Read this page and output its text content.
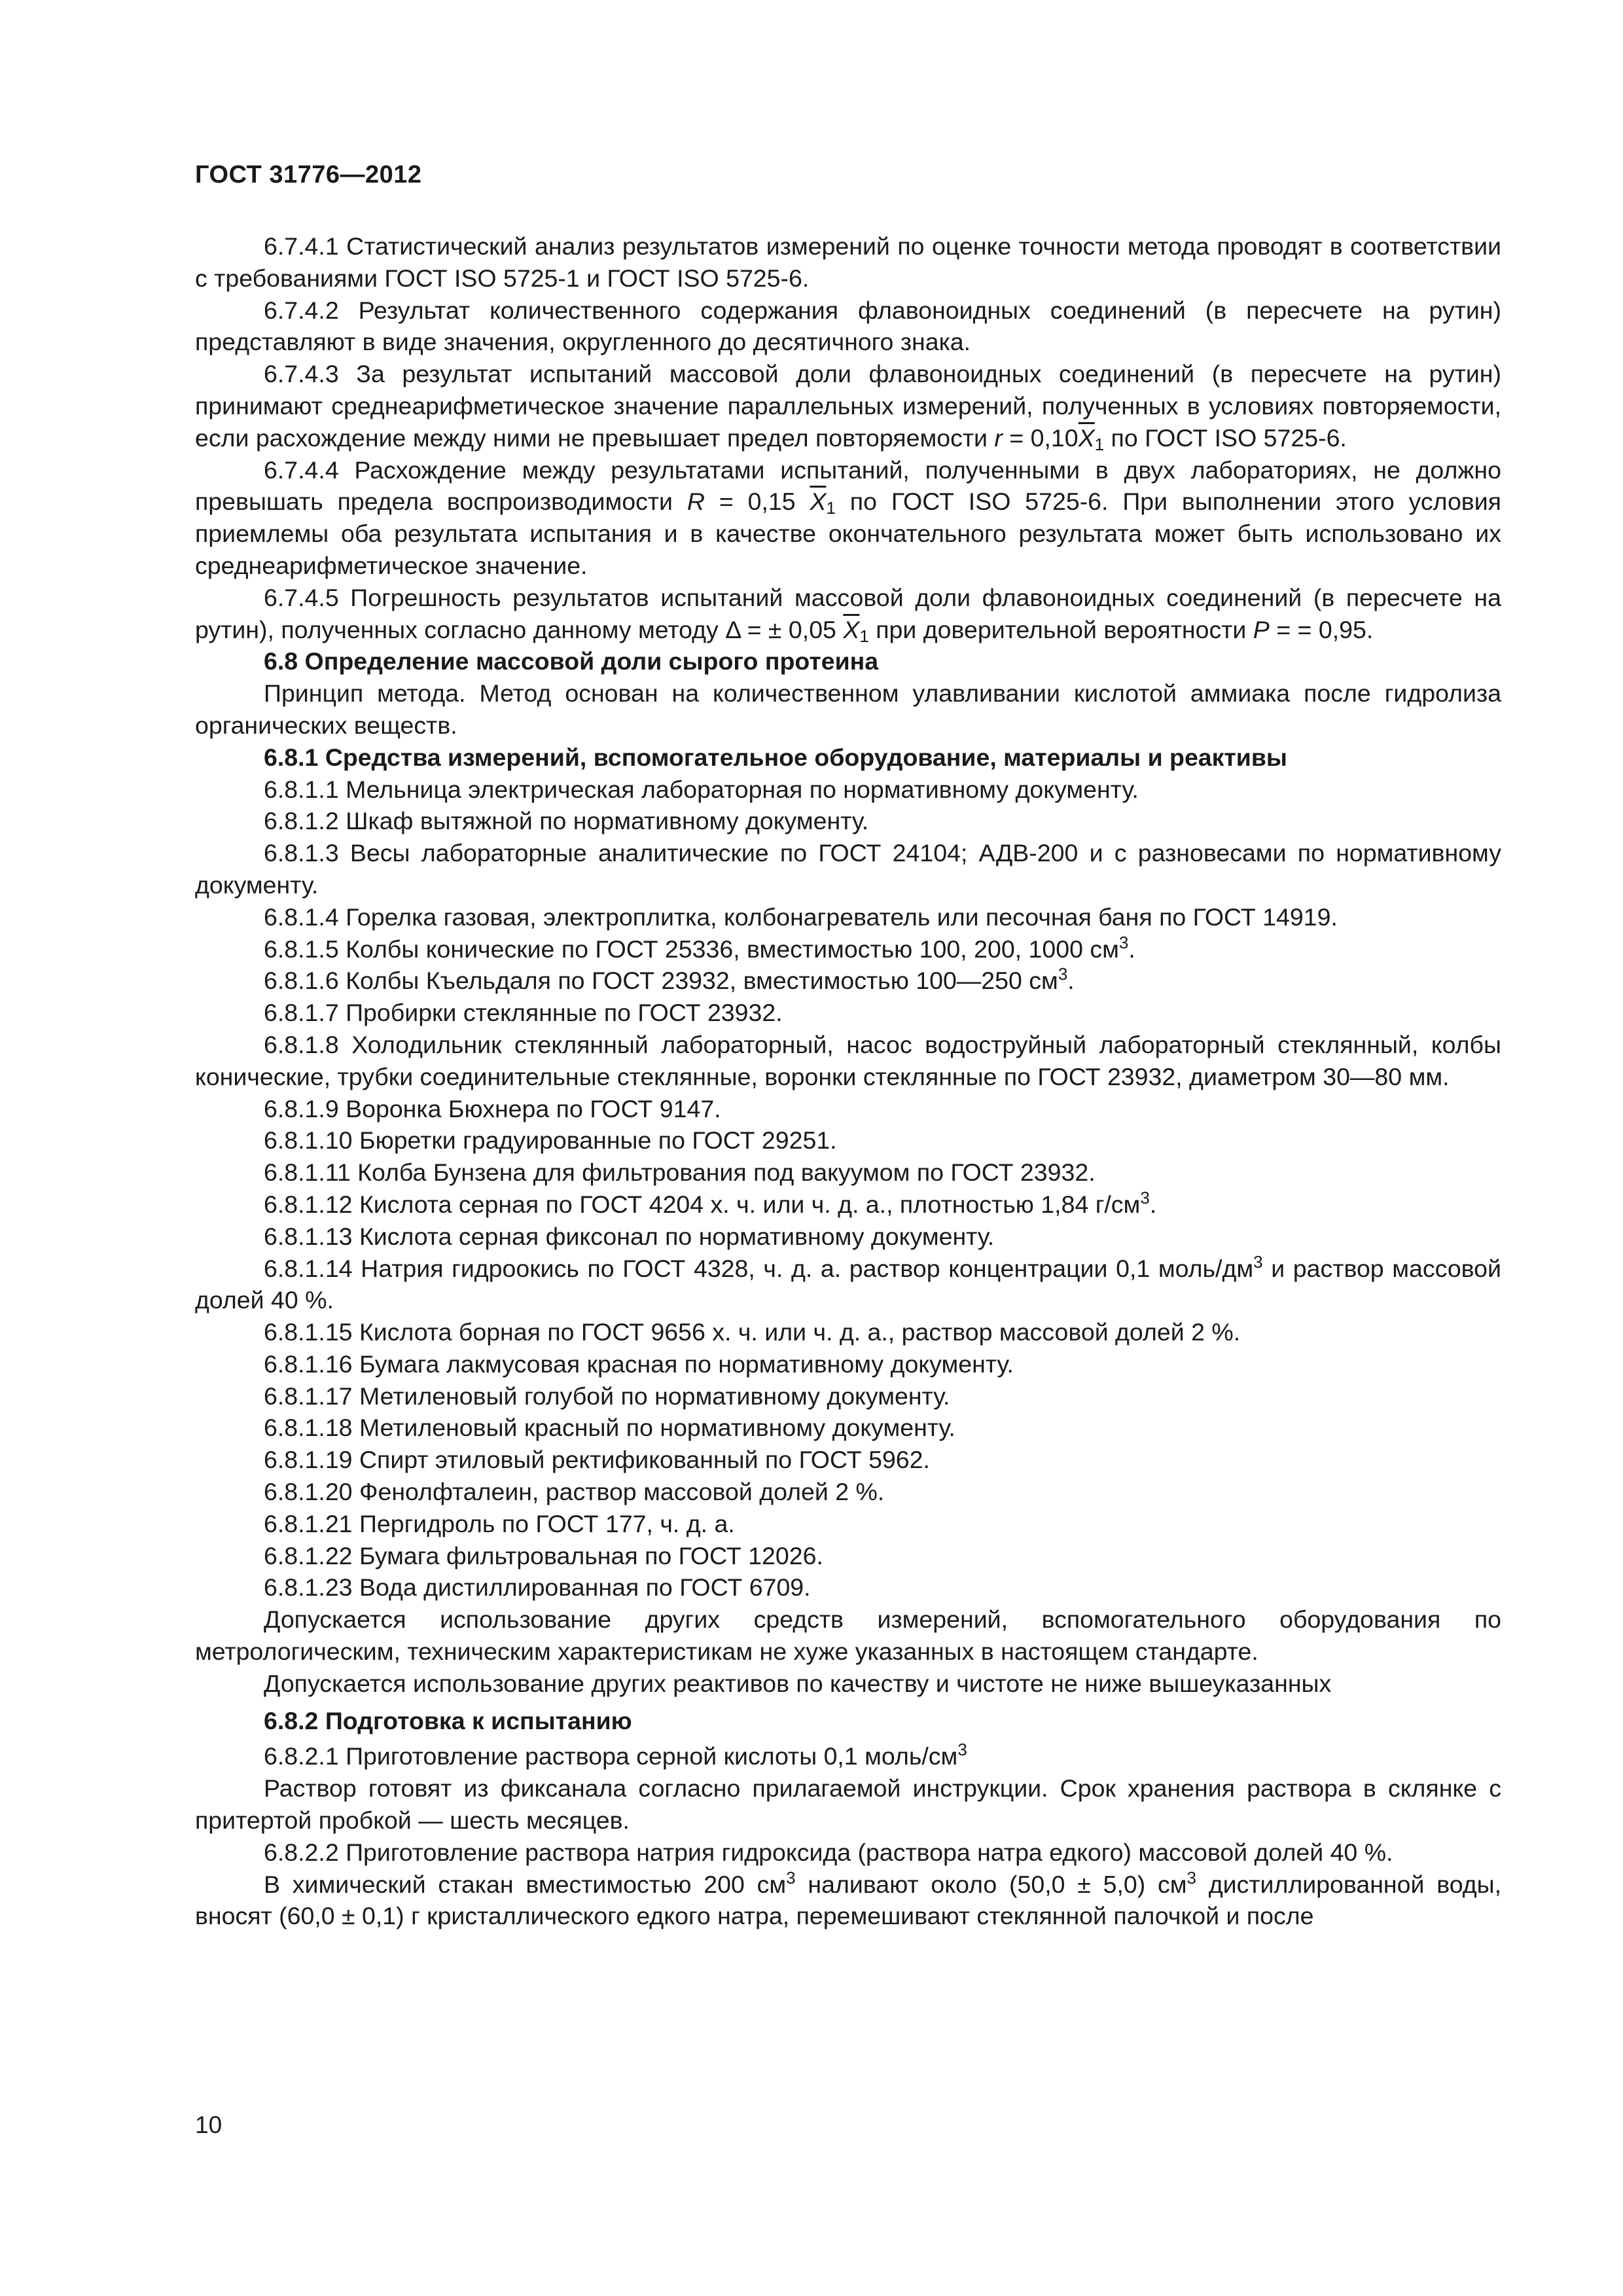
ГОСТ 31776—2012

6.7.4.1 Статистический анализ результатов измерений по оценке точности метода проводят в соответствии с требованиями ГОСТ ISO 5725-1 и ГОСТ ISO 5725-6.

6.7.4.2 Результат количественного содержания флавоноидных соединений (в пересчете на рутин) представляют в виде значения, округленного до десятичного знака.

6.7.4.3 За результат испытаний массовой доли флавоноидных соединений (в пересчете на рутин) принимают среднеарифметическое значение параллельных измерений, полученных в условиях повторяемости, если расхождение между ними не превышает предел повторяемости $r = 0,10\overline{X}_1$ по ГОСТ ISO 5725-6.

6.7.4.4 Расхождение между результатами испытаний, полученными в двух лабораториях, не должно превышать предела воспроизводимости R = 0,15 $\overline{X}_1$ по ГОСТ ISO 5725-6. При выполнении этого условия приемлемы оба результата испытания и в качестве окончательного результата может быть использовано их среднеарифметическое значение.

6.7.4.5 Погрешность результатов испытаний массовой доли флавоноидных соединений (в пересчете на рутин), полученных согласно данному методу Δ = ± 0,05 $\overline{X}_1$ при доверительной вероятности P = = 0,95.

6.8 Определение массовой доли сырого протеина

Принцип метода. Метод основан на количественном улавливании кислотой аммиака после гидролиза органических веществ.

6.8.1 Средства измерений, вспомогательное оборудование, материалы и реактивы

6.8.1.1 Мельница электрическая лабораторная по нормативному документу.

6.8.1.2 Шкаф вытяжной по нормативному документу.

6.8.1.3 Весы лабораторные аналитические по ГОСТ 24104; АДВ-200 и с разновесами по нормативному документу.

6.8.1.4 Горелка газовая, электроплитка, колбонагреватель или песочная баня по ГОСТ 14919.

6.8.1.5 Колбы конические по ГОСТ 25336, вместимостью 100, 200, 1000 $см^3$.

6.8.1.6 Колбы Къельдаля по ГОСТ 23932, вместимостью 100—250 $см^3$.

6.8.1.7 Пробирки стеклянные по ГОСТ 23932.

6.8.1.8 Холодильник стеклянный лабораторный, насос водоструйный лабораторный стеклянный, колбы конические, трубки соединительные стеклянные, воронки стеклянные по ГОСТ 23932, диаметром 30—80 мм.

6.8.1.9 Воронка Бюхнера по ГОСТ 9147.

6.8.1.10 Бюретки градуированные по ГОСТ 29251.

6.8.1.11 Колба Бунзена для фильтрования под вакуумом по ГОСТ 23932.

6.8.1.12 Кислота серная по ГОСТ 4204 х. ч. или ч. д. а., плотностью 1,84 $г/см^3$.

6.8.1.13 Кислота серная фиксонал по нормативному документу.

6.8.1.14 Натрия гидроокись по ГОСТ 4328, ч. д. а. раствор концентрации 0,1 моль/$дм^3$ и раствор массовой долей 40 %.

6.8.1.15 Кислота борная по ГОСТ 9656 х. ч. или ч. д. а., раствор массовой долей 2 %.

6.8.1.16 Бумага лакмусовая красная по нормативному документу.

6.8.1.17 Метиленовый голубой по нормативному документу.

6.8.1.18 Метиленовый красный по нормативному документу.

6.8.1.19 Спирт этиловый ректификованный по ГОСТ 5962.

6.8.1.20 Фенолфталеин, раствор массовой долей 2 %.

6.8.1.21 Пергидроль по ГОСТ 177, ч. д. а.

6.8.1.22 Бумага фильтровальная по ГОСТ 12026.

6.8.1.23 Вода дистиллированная по ГОСТ 6709.

Допускается использование других средств измерений, вспомогательного оборудования по метрологическим, техническим характеристикам не хуже указанных в настоящем стандарте.

Допускается использование других реактивов по качеству и чистоте не ниже вышеуказанных

6.8.2 Подготовка к испытанию

6.8.2.1 Приготовление раствора серной кислоты 0,1 моль/$см^3$

Раствор готовят из фиксанала согласно прилагаемой инструкции. Срок хранения раствора в склянке с притертой пробкой — шесть месяцев.

6.8.2.2 Приготовление раствора натрия гидроксида (раствора натра едкого) массовой долей 40 %.

В химический стакан вместимостью 200 $см^3$ наливают около (50,0 ± 5,0) $см^3$ дистиллированной воды, вносят (60,0 ± 0,1) г кристаллического едкого натра, перемешивают стеклянной палочкой и после

10
